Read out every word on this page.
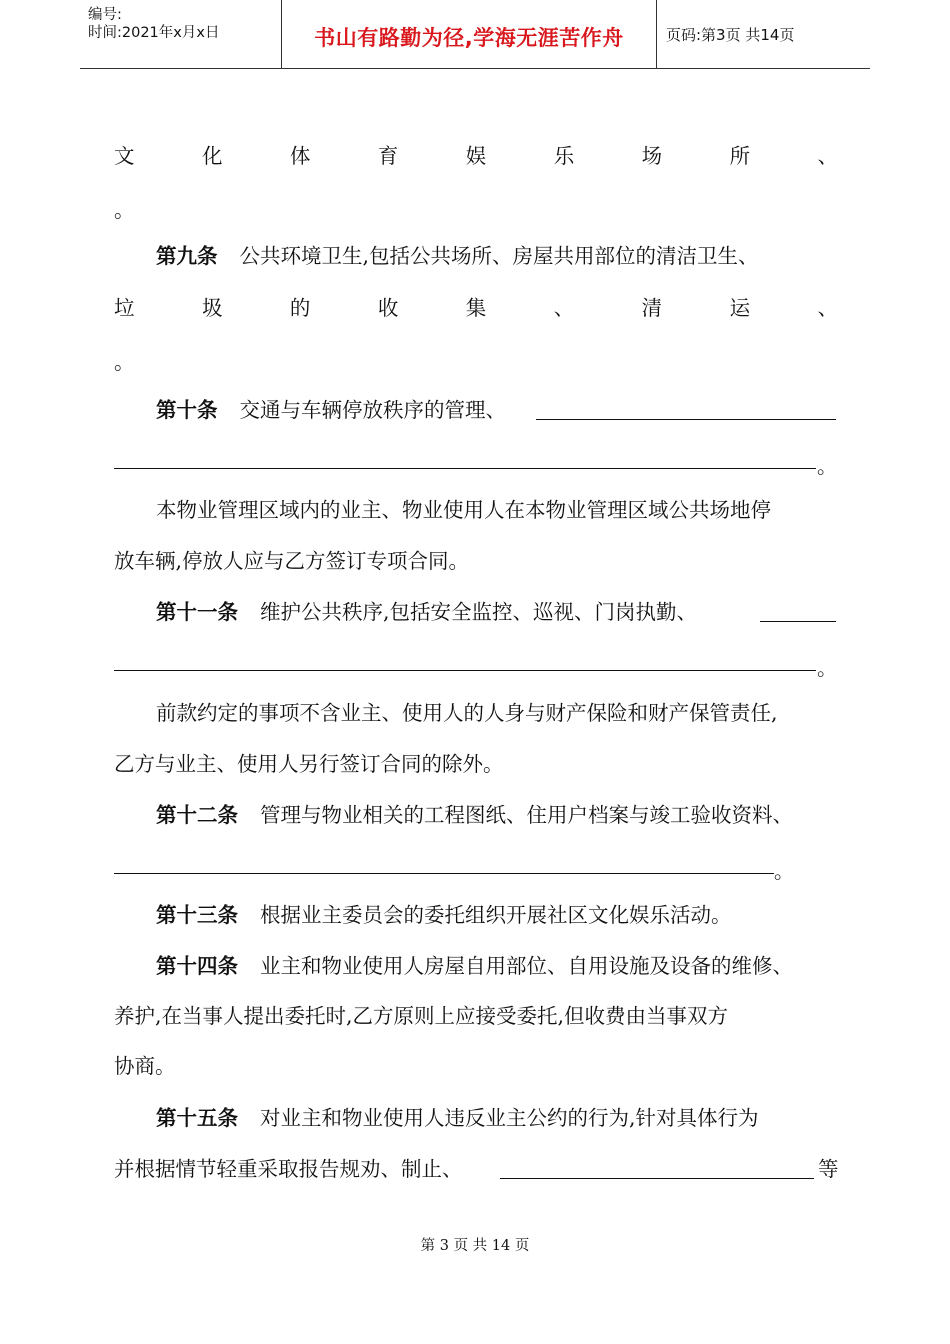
编号:
时间:2021年x月x日	书山有路勤为径,学海无涯苦作舟	页码:第3页 共14页
文	化	体	育	娱	乐	场	所	、
。
第九条 公共环境卫生,包括公共场所、房屋共用部位的清洁卫生、
垃	圾	的	收	集	、	清	运	、
。
第十条 交通与车辆停放秩序的管理、
。
本物业管理区域内的业主、物业使用人在本物业管理区域公共场地停
放车辆,停放人应与乙方签订专项合同。
第十一条 维护公共秩序,包括安全监控、巡视、门岗执勤、
。
前款约定的事项不含业主、使用人的人身与财产保险和财产保管责任,
乙方与业主、使用人另行签订合同的除外。
第十二条 管理与物业相关的工程图纸、住用户档案与竣工验收资料、
。
第十三条 根据业主委员会的委托组织开展社区文化娱乐活动。
第十四条 业主和物业使用人房屋自用部位、自用设施及设备的维修、
养护,在当事人提出委托时,乙方原则上应接受委托,但收费由当事双方
协商。
第十五条 对业主和物业使用人违反业主公约的行为,针对具体行为
并根据情节轻重采取报告规劝、制止、	等
第 3 页 共 14 页
